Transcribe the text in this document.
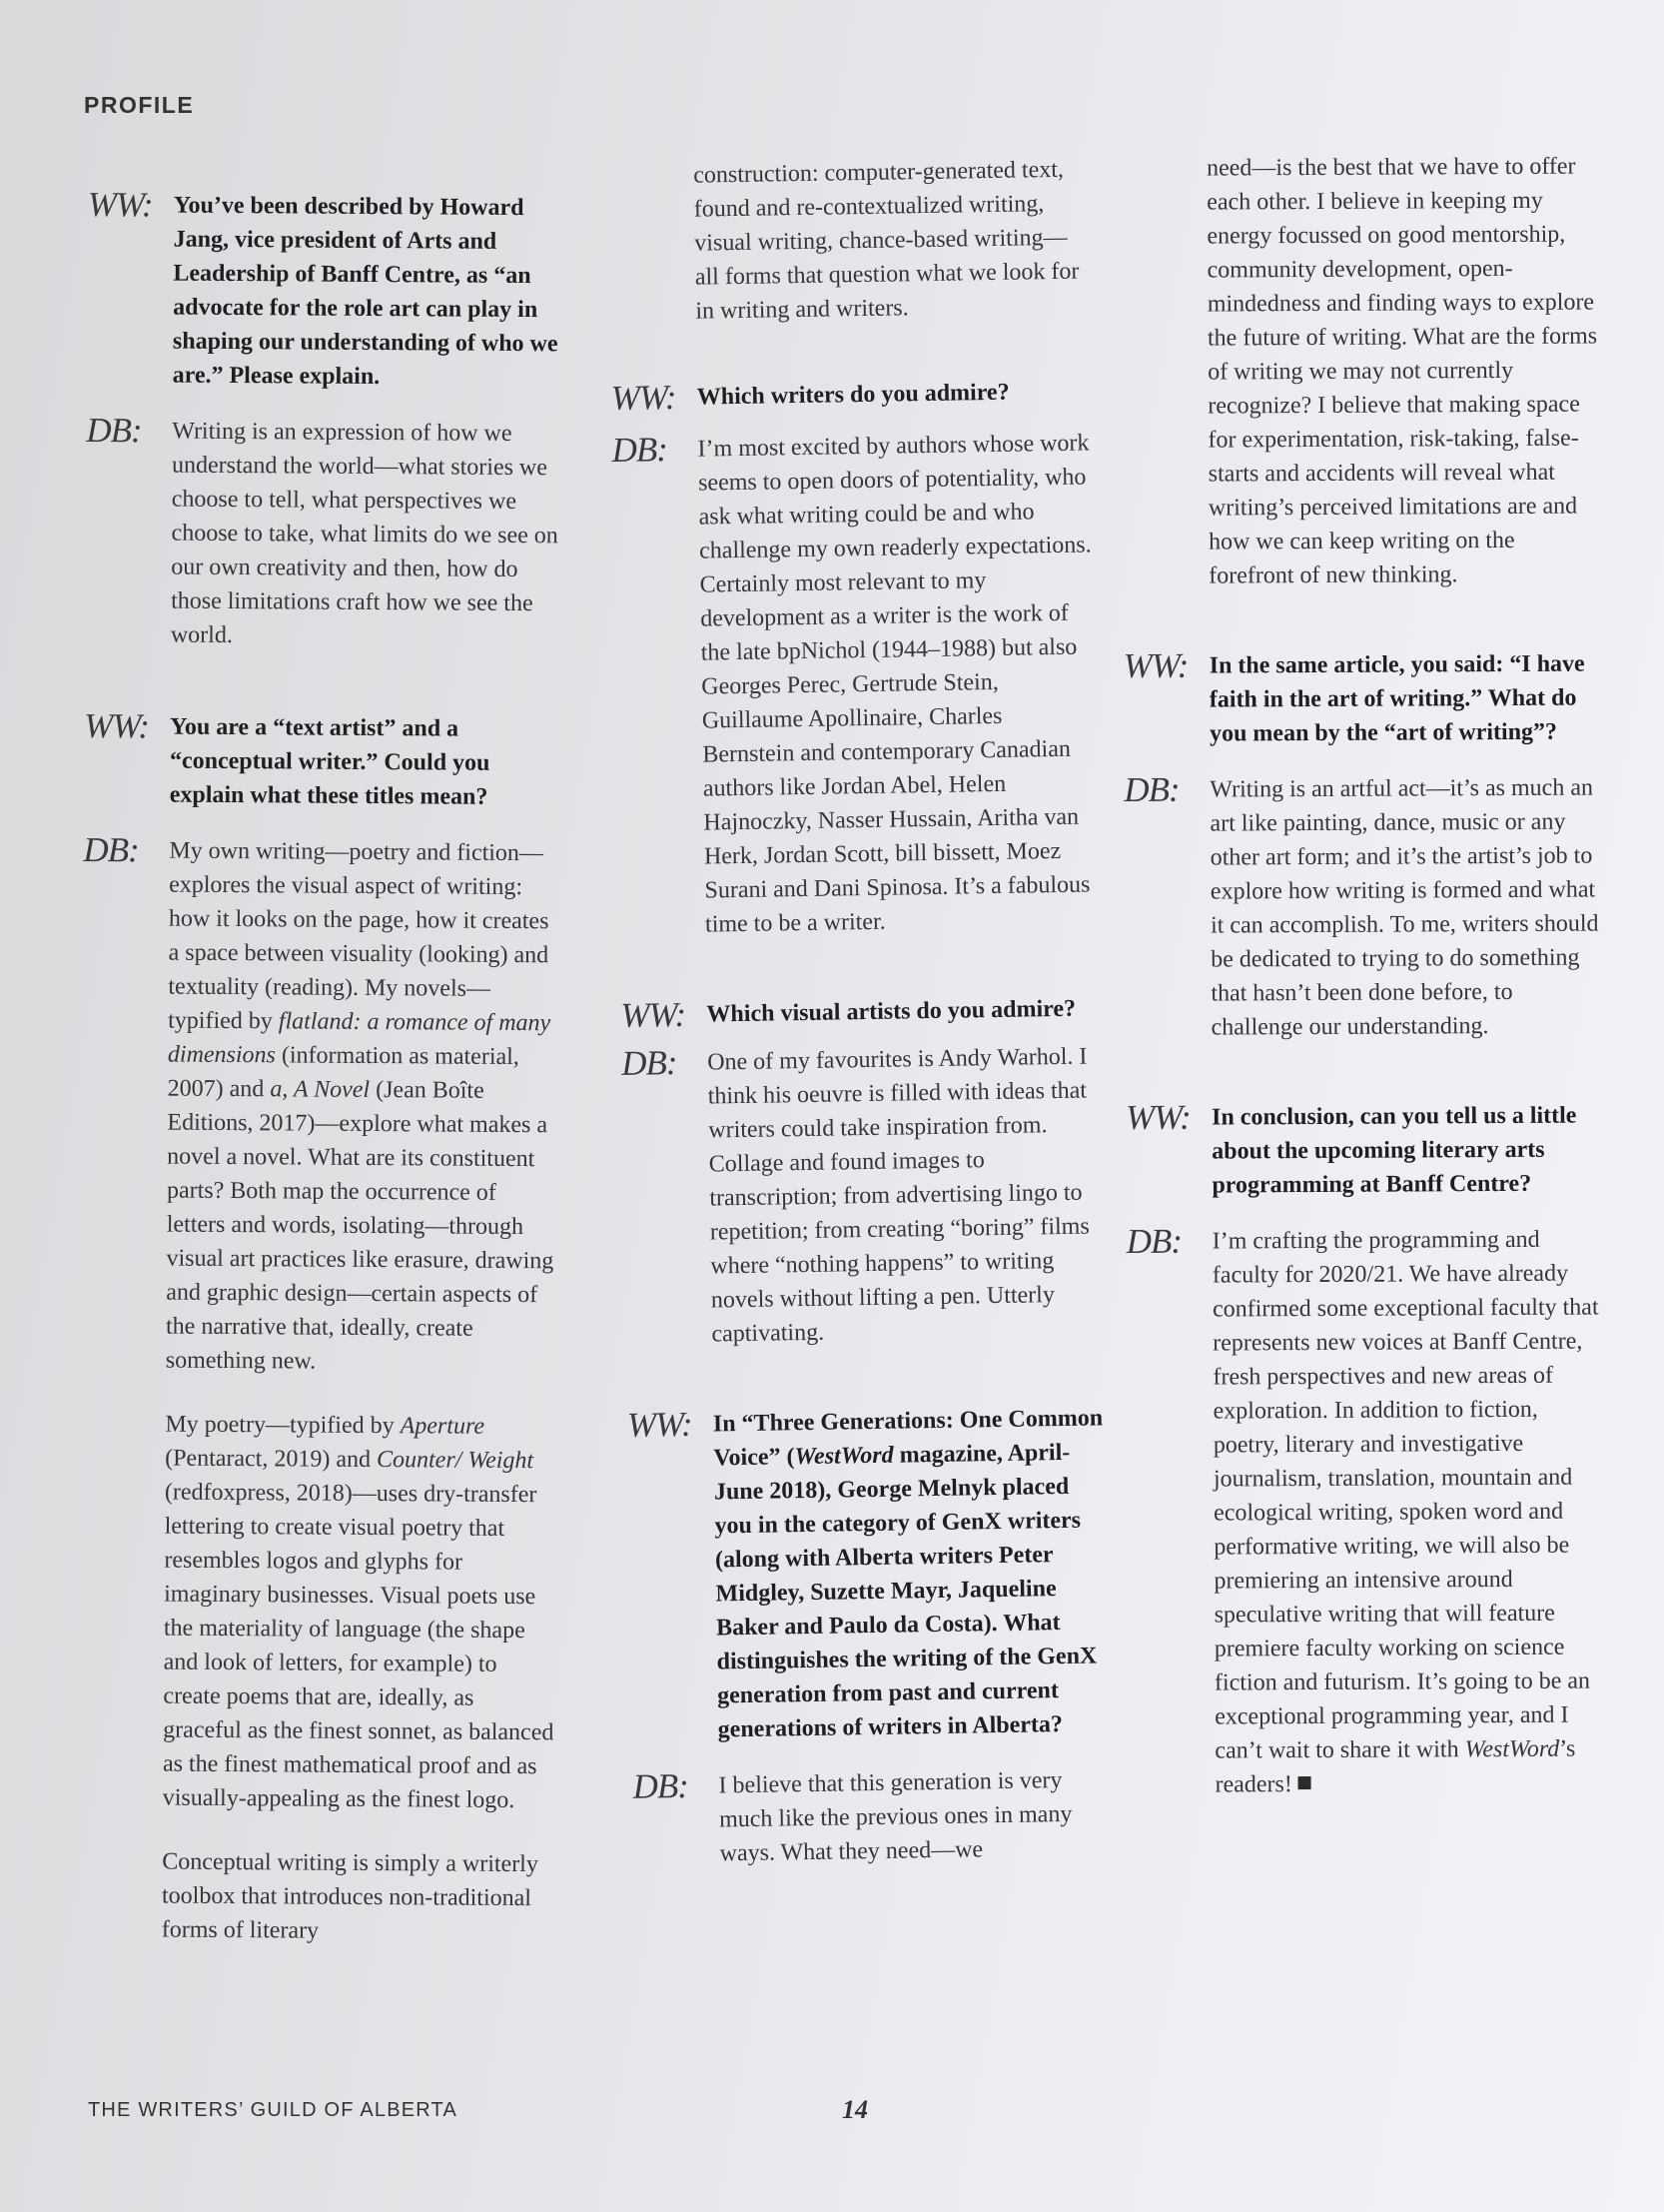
PROFILE
WW: You’ve been described by Howard Jang, vice president of Arts and Leadership of Banff Centre, as “an advocate for the role art can play in shaping our understanding of who we are.” Please explain.
DB:	Writing is an expression of how we understand the world—what stories we choose to tell, what perspectives we choose to take, what limits do we see on our own creativity and then, how do those limitations craft how we see the world.
WW: You are a “text artist” and a “conceptual writer.” Could you explain what these titles mean?
DB:	My own writing—poetry and fiction—explores the visual aspect of writing: how it looks on the page, how it creates a space between visuality (looking) and textuality (reading). My novels—typified by flatland: a romance of many dimensions (information as material, 2007) and a, A Novel (Jean Boîte Editions, 2017)—explore what makes a novel a novel. What are its constituent parts? Both map the occurrence of letters and words, isolating—through visual art practices like erasure, drawing and graphic design—certain aspects of the narrative that, ideally, create something new.

My poetry—typified by Aperture (Pentaract, 2019) and Counter/ Weight (redfoxpress, 2018)—uses dry-transfer lettering to create visual poetry that resembles logos and glyphs for imaginary businesses. Visual poets use the materiality of language (the shape and look of letters, for example) to create poems that are, ideally, as graceful as the finest sonnet, as balanced as the finest mathematical proof and as visually-appealing as the finest logo.

Conceptual writing is simply a writerly toolbox that introduces non-traditional forms of literary

construction: computer-generated text, found and re-contextualized writing, visual writing, chance-based writing—all forms that question what we look for in writing and writers.
WW: Which writers do you admire?
DB:	I’m most excited by authors whose work seems to open doors of potentiality, who ask what writing could be and who challenge my own readerly expectations. Certainly most relevant to my development as a writer is the work of the late bpNichol (1944–1988) but also Georges Perec, Gertrude Stein, Guillaume Apollinaire, Charles Bernstein and contemporary Canadian authors like Jordan Abel, Helen Hajnoczky, Nasser Hussain, Aritha van Herk, Jordan Scott, bill bissett, Moez Surani and Dani Spinosa. It’s a fabulous time to be a writer.
WW: Which visual artists do you admire?
DB:	One of my favourites is Andy Warhol. I think his oeuvre is filled with ideas that writers could take inspiration from. Collage and found images to transcription; from advertising lingo to repetition; from creating “boring” films where “nothing happens” to writing novels without lifting a pen. Utterly captivating.
WW: In “Three Generations: One Common Voice” (WestWord magazine, April-June 2018), George Melnyk placed you in the category of GenX writers (along with Alberta writers Peter Midgley, Suzette Mayr, Jaqueline Baker and Paulo da Costa). What distinguishes the writing of the GenX generation from past and current generations of writers in Alberta?
DB:	I believe that this generation is very much like the previous ones in many ways. What they need—we
need—is the best that we have to offer each other. I believe in keeping my energy focussed on good mentorship, community development, open-mindedness and finding ways to explore the future of writing. What are the forms of writing we may not currently recognize? I believe that making space for experimentation, risk-taking, false-starts and accidents will reveal what writing’s perceived limitations are and how we can keep writing on the forefront of new thinking.
WW: In the same article, you said: “I have faith in the art of writing.” What do you mean by the “art of writing”?
DB:	Writing is an artful act—it’s as much an art like painting, dance, music or any other art form; and it’s the artist’s job to explore how writing is formed and what it can accomplish. To me, writers should be dedicated to trying to do something that hasn’t been done before, to challenge our understanding.
WW: In conclusion, can you tell us a little about the upcoming literary arts programming at Banff Centre?
DB:	I’m crafting the programming and faculty for 2020/21. We have already confirmed some exceptional faculty that represents new voices at Banff Centre, fresh perspectives and new areas of exploration. In addition to fiction, poetry, literary and investigative journalism, translation, mountain and ecological writing, spoken word and performative writing, we will also be premiering an intensive around speculative writing that will feature premiere faculty working on science fiction and futurism. It’s going to be an exceptional programming year, and I can’t wait to share it with WestWord’s readers!
THE WRITERS’ GUILD OF ALBERTA	14
